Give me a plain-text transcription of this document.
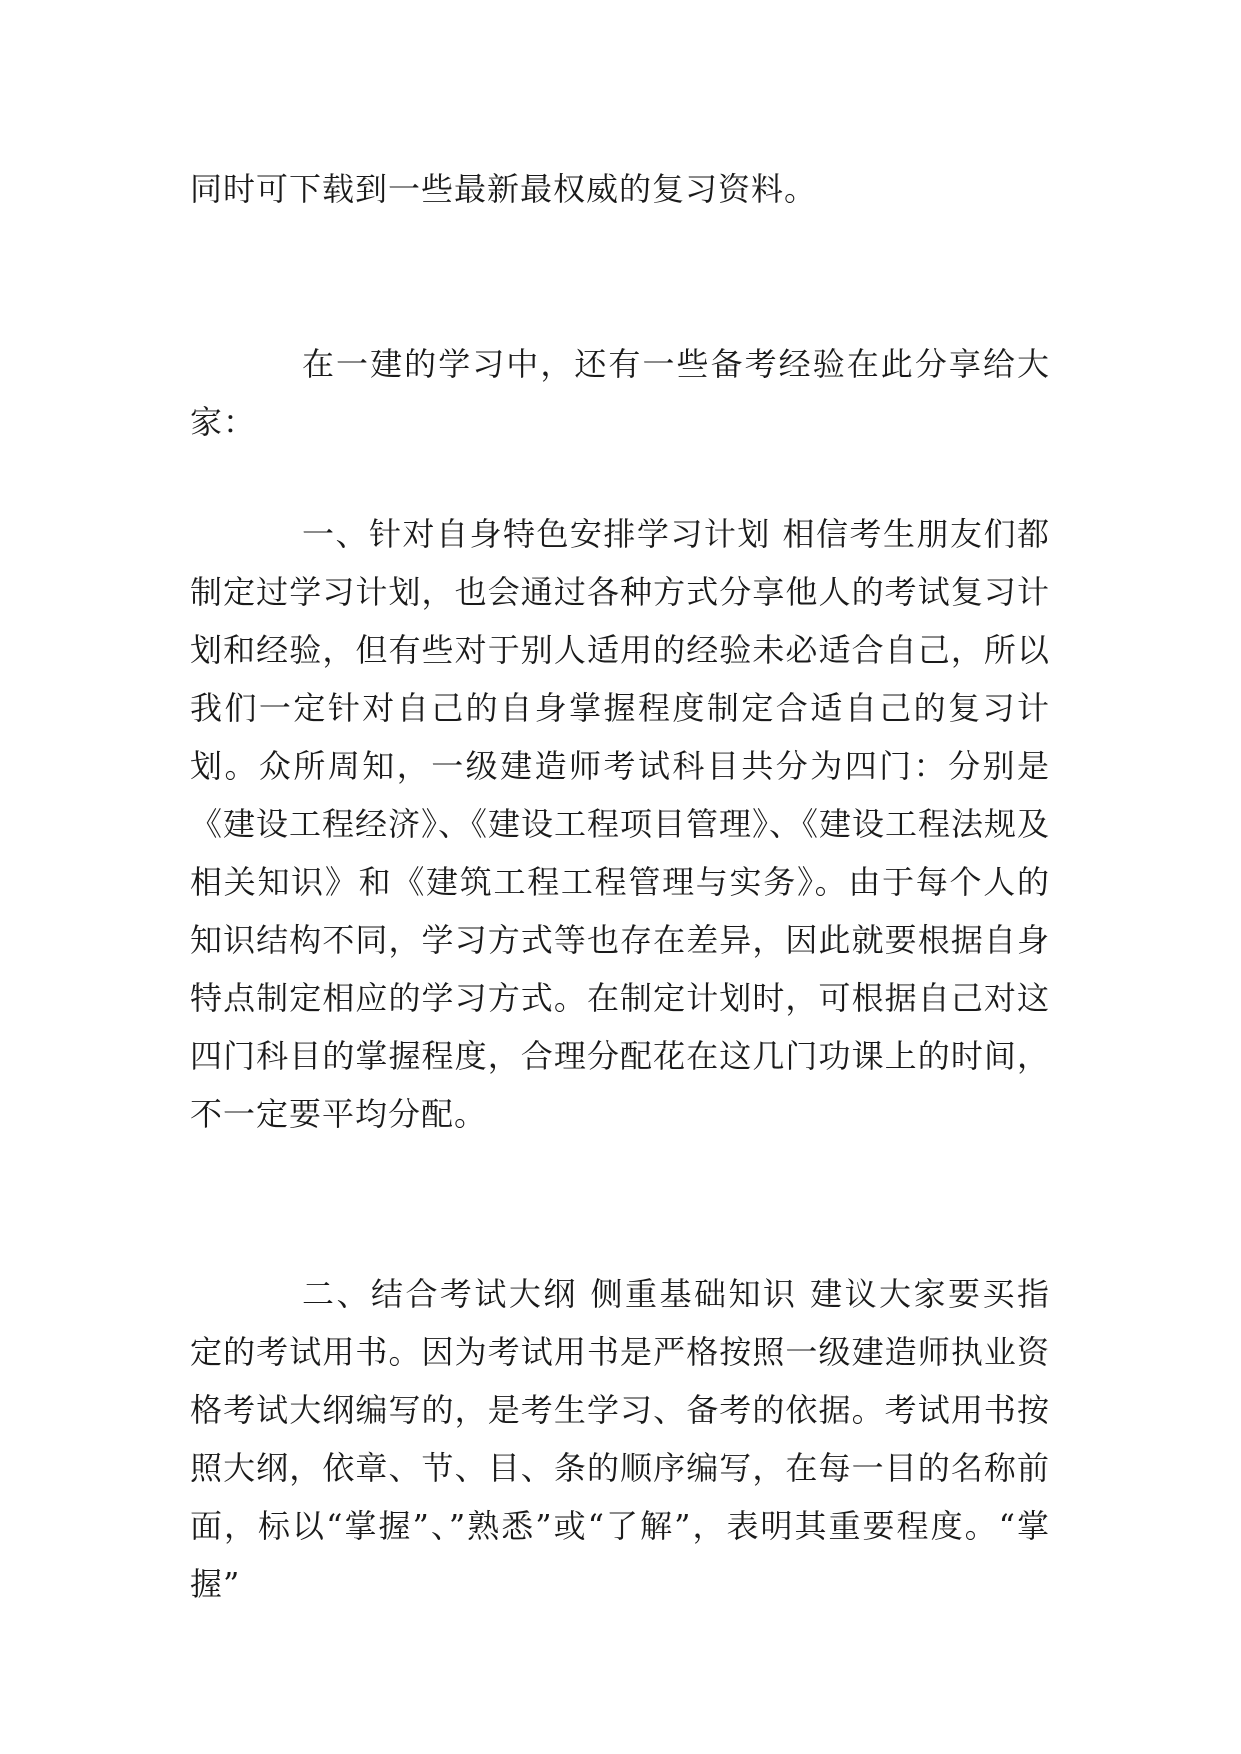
同时可下载到一些最新最权威的复习资料。

在一建的学习中，还有一些备考经验在此分享给大家：

一、针对自身特色安排学习计划 相信考生朋友们都制定过学习计划，也会通过各种方式分享他人的考试复习计划和经验，但有些对于别人适用的经验未必适合自己，所以我们一定针对自己的自身掌握程度制定合适自己的复习计划。众所周知，一级建造师考试科目共分为四门：分别是《建设工程经济》、《建设工程项目管理》、《建设工程法规及相关知识》和《建筑工程工程管理与实务》。由于每个人的知识结构不同，学习方式等也存在差异，因此就要根据自身特点制定相应的学习方式。在制定计划时，可根据自己对这四门科目的掌握程度，合理分配花在这几门功课上的时间，不一定要平均分配。

二、结合考试大纲 侧重基础知识 建议大家要买指定的考试用书。因为考试用书是严格按照一级建造师执业资格考试大纲编写的，是考生学习、备考的依据。考试用书按照大纲，依章、节、目、条的顺序编写，在每一目的名称前面，标以“掌握”、”熟悉”或“了解”，表明其重要程度。“掌握”
